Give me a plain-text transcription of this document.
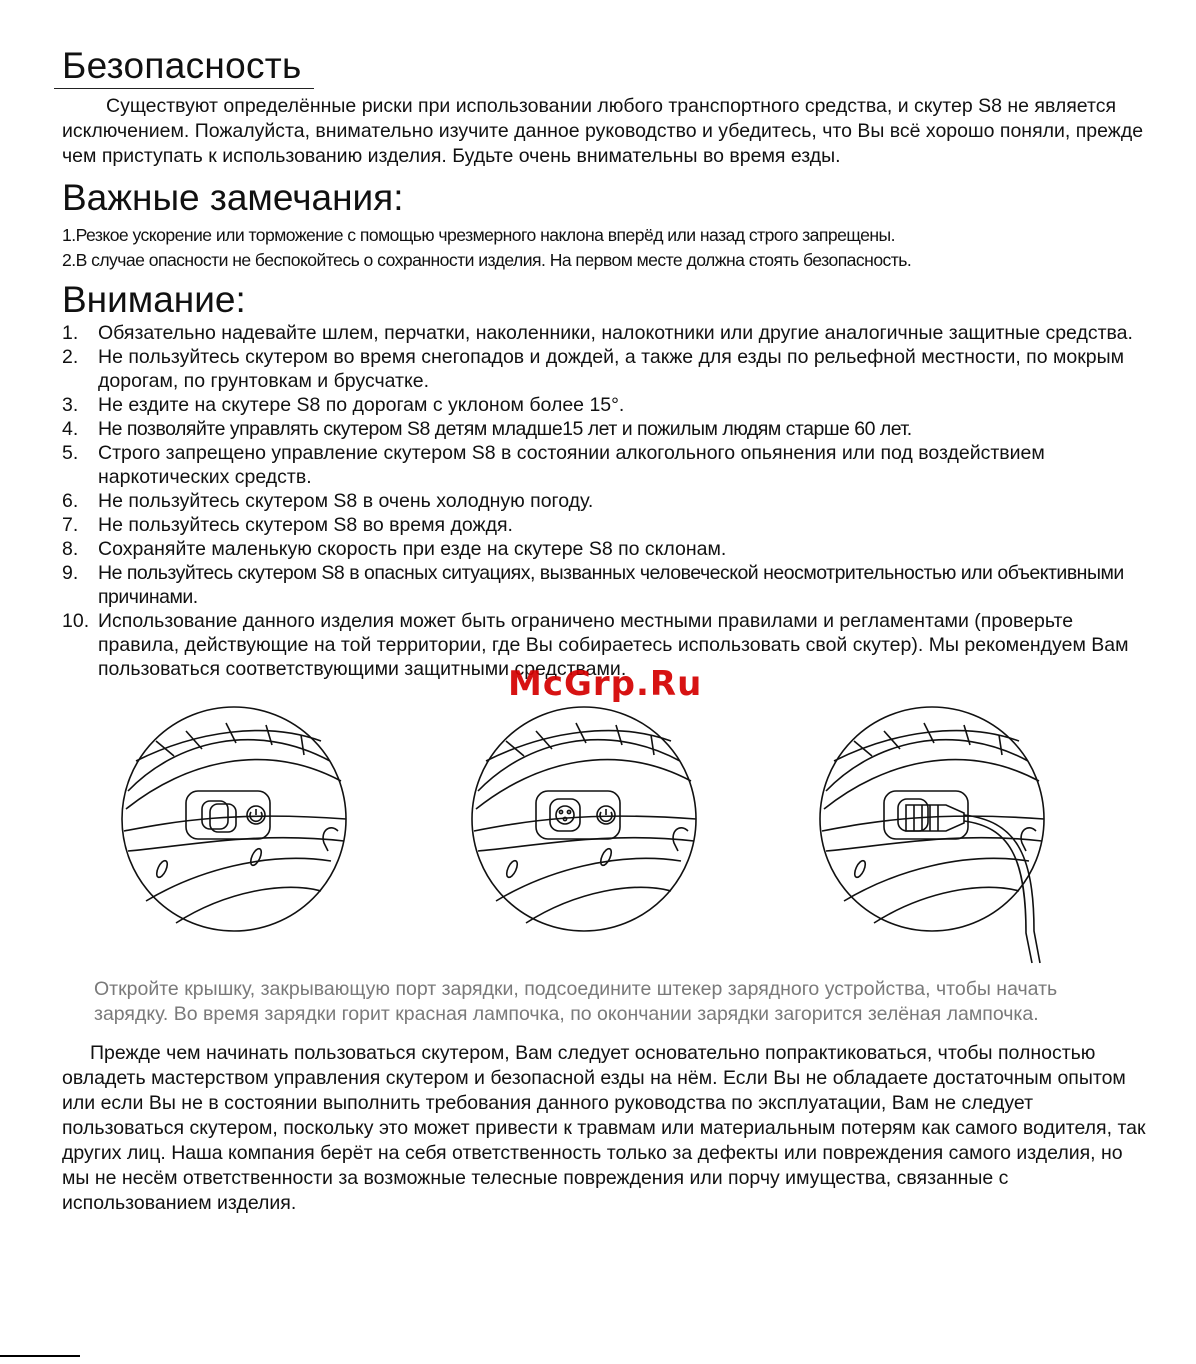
Безопасность

Существуют определённые риски при использовании любого транспортного средства, и скутер S8 не является исключением. Пожалуйста, внимательно изучите данное руководство и убедитесь, что Вы всё хорошо поняли, прежде чем приступать к использованию изделия. Будьте очень внимательны во время езды.

Важные замечания:
1.Резкое ускорение или торможение с помощью чрезмерного наклона вперёд или назад строго запрещены.
2.В случае опасности не беспокойтесь о сохранности изделия. На первом месте должна стоять безопасность.
Внимание:
1.	Обязательно надевайте шлем, перчатки, наколенники, налокотники или другие аналогичные защитные средства.
2.	Не пользуйтесь скутером во время снегопадов и дождей, а также для езды по рельефной местности, по мокрым дорогам, по грунтовкам и брусчатке.
3.	Не ездите на скутере S8 по дорогам с уклоном более 15°.
4.	Не позволяйте управлять скутером S8 детям младше15 лет и пожилым людям старше 60 лет.
5.	Строго запрещено управление скутером S8 в состоянии алкогольного опьянения или под воздействием наркотических средств.
6.	Не пользуйтесь скутером S8 в очень холодную погоду.
7.	Не пользуйтесь скутером S8 во время дождя.
8.	Сохраняйте маленькую скорость при езде на скутере S8 по склонам.
9.	Не пользуйтесь скутером S8 в опасных ситуациях, вызванных человеческой неосмотрительностью или объективными причинами.
10. Использование данного изделия может быть ограничено местными правилами и регламентами (проверьте правила, действующие на той территории, где Вы собираетесь использовать свой скутер). Мы рекомендуем Вам пользоваться соответствующими защитными средствами.

Откройте крышку, закрывающую порт зарядки, подсоедините штекер зарядного устройства, чтобы начать зарядку. Во время зарядки горит красная лампочка, по окончании зарядки загорится зелёная лампочка.

Прежде чем начинать пользоваться скутером, Вам следует основательно попрактиковаться, чтобы полностью овладеть мастерством управления скутером и безопасной езды на нём. Если Вы не обладаете достаточным опытом или если Вы не в состоянии выполнить требования данного руководства по эксплуатации, Вам не следует пользоваться скутером, поскольку это может привести к травмам или материальным потерям как самого водителя, так других лиц. Наша компания берёт на себя ответственность только за дефекты или повреждения самого изделия, но мы не несём ответственности за возможные телесные повреждения или порчу имущества, связанные с использованием изделия.

McGrp.Ru
